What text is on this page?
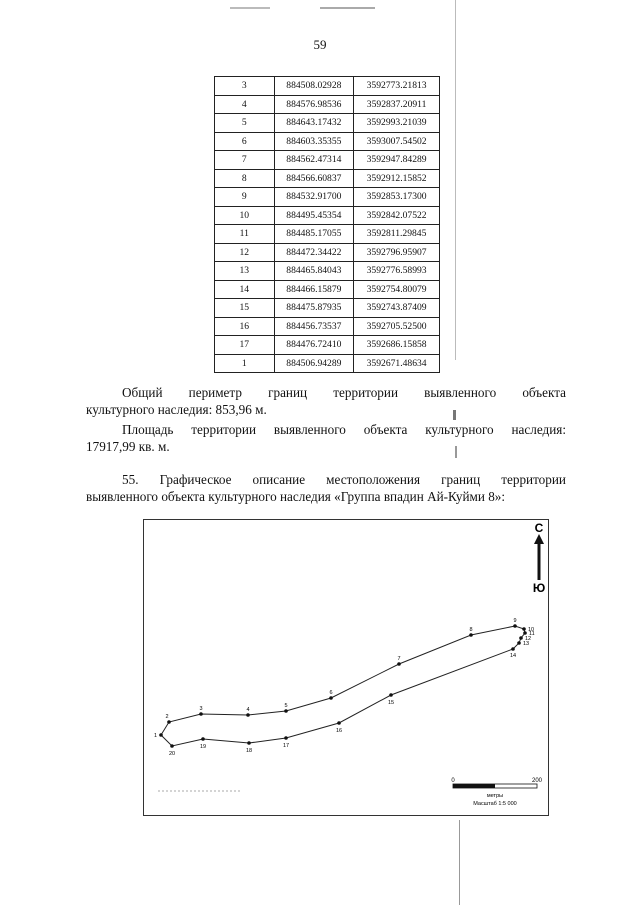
59
3	884508.02928	3592773.21813
4	884576.98536	3592837.20911
5	884643.17432	3592993.21039
6	884603.35355	3593007.54502
7	884562.47314	3592947.84289
8	884566.60837	3592912.15852
9	884532.91700	3592853.17300
10	884495.45354	3592842.07522
11	884485.17055	3592811.29845
12	884472.34422	3592796.95907
13	884465.84043	3592776.58993
14	884466.15879	3592754.80079
15	884475.87935	3592743.87409
16	884456.73537	3592705.52500
17	884476.72410	3592686.15858
1	884506.94289	3592671.48634

Общий периметр границ территории выявленного объекта

культурного наследия: 853,96 м.

Площадь территории выявленного объекта культурного наследия:

17917,99 кв. м.

55. Графическое описание местоположения границ территории

выявленного объекта культурного наследия «Группа впадин Ай-Куйми 8»:

С
Ю
1
2
3	4
5
6
7
8
9
10
11
12
13
14
15
16
17
18
19
20
0	200
метры
Масштаб 1:5 000
